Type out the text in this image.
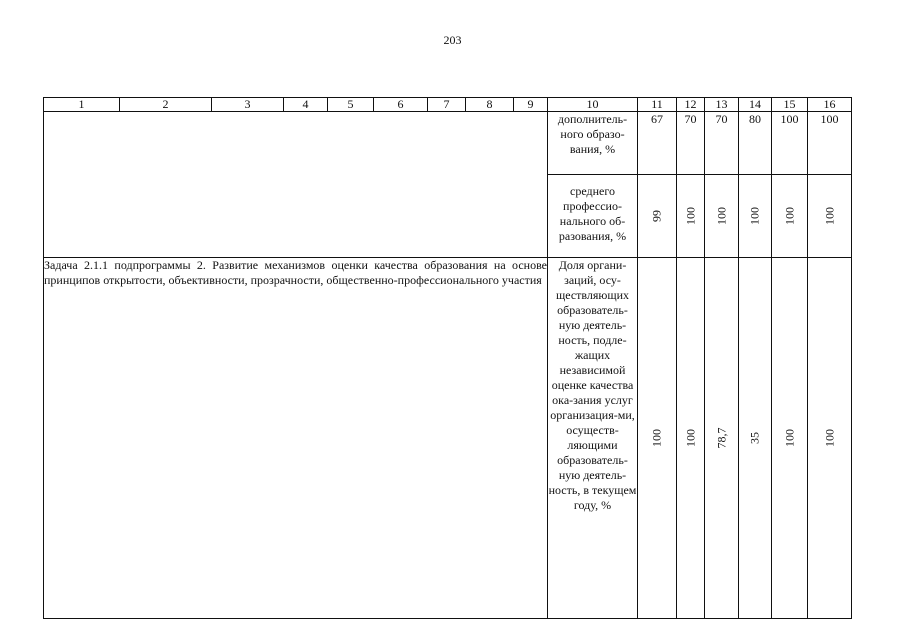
203
1	2	3	4	5	6	7	8	9	10	11	12	13	14	15	16
									дополнитель-ного образо-вания, %	67	70	70	80	100	100
									среднего профессио-нального об-разования, %	99	100	100	100	100	100

Задача 2.1.1 подпрограммы 2. Развитие механизмов оценки качества образования на основе принципов открытости, объективности, прозрачности, общественно-профессионального участия									Доля органи-заций, осу-ществляющих образователь-ную деятель-ность, подле-жащих независимой оценке качества ока-зания услуг организация-ми, осуществ-ляющими образователь-ную деятель-ность, в текущем году, %	100	100	78,7	35	100	100
